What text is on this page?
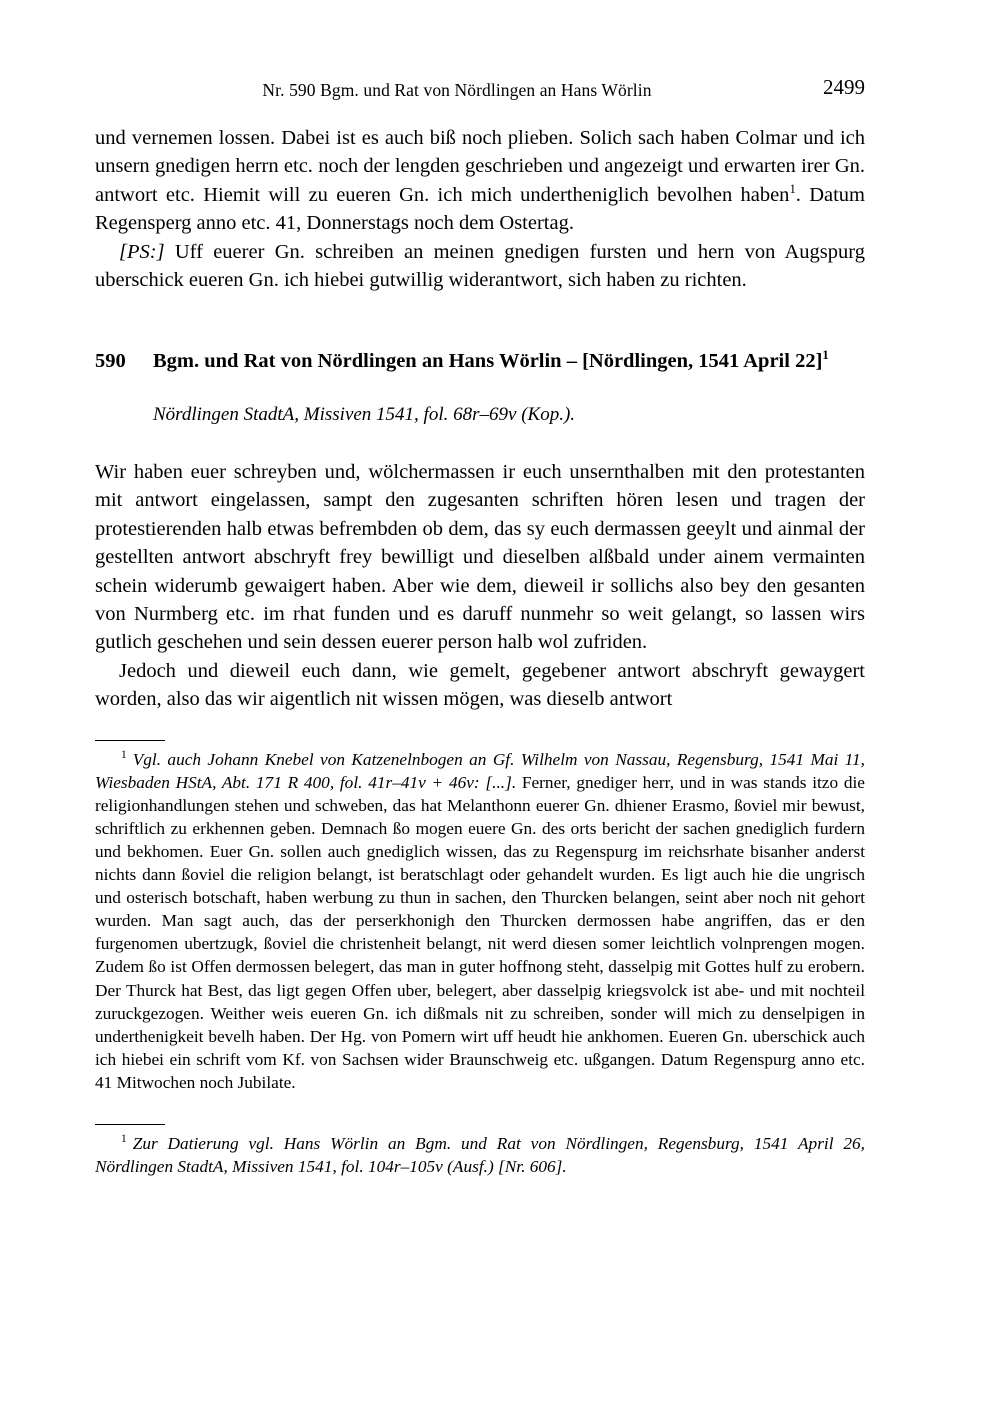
Nr. 590 Bgm. und Rat von Nördlingen an Hans Wörlin	2499

und vernemen lossen. Dabei ist es auch biß noch plieben. Solich sach haben Colmar und ich unsern gnedigen herrn etc. noch der lengden geschrieben und angezeigt und erwarten irer Gn. antwort etc. Hiemit will zu eueren Gn. ich mich undertheniglich bevolhen haben$^1$. Datum Regensperg anno etc. 41, Donnerstags noch dem Ostertag.

[PS:] Uff euerer Gn. schreiben an meinen gnedigen fursten und hern von Augspurg uberschick eueren Gn. ich hiebei gutwillig widerantwort, sich haben zu richten.

590	Bgm. und Rat von Nördlingen an Hans Wörlin – [Nördlingen, 1541 April 22]$^1$
Nördlingen StadtA, Missiven 1541, fol. 68r–69v (Kop.).

Wir haben euer schreyben und, wölchermassen ir euch unsernthalben mit den protestanten mit antwort eingelassen, sampt den zugesanten schriften hören lesen und tragen der protestierenden halb etwas befrembden ob dem, das sy euch dermassen geeylt und ainmal der gestellten antwort abschryft frey bewilligt und dieselben alßbald under ainem vermainten schein widerumb gewaigert haben. Aber wie dem, dieweil ir sollichs also bey den gesanten von Nurmberg etc. im rhat funden und es daruff nunmehr so weit gelangt, so lassen wirs gutlich geschehen und sein dessen euerer person halb wol zufriden.

Jedoch und dieweil euch dann, wie gemelt, gegebener antwort abschryft gewaygert worden, also das wir aigentlich nit wissen mögen, was dieselb antwort

$^1$ Vgl. auch Johann Knebel von Katzenelnbogen an Gf. Wilhelm von Nassau, Regensburg, 1541 Mai 11, Wiesbaden HStA, Abt. 171 R 400, fol. 41r–41v + 46v: [...]. Ferner, gnediger herr, und in was stands itzo die religionhandlungen stehen und schweben, das hat Melanthonn euerer Gn. dhiener Erasmo, ßoviel mir bewust, schriftlich zu erkhennen geben. Demnach ßo mogen euere Gn. des orts bericht der sachen gnediglich furdern und bekhomen. Euer Gn. sollen auch gnediglich wissen, das zu Regenspurg im reichsrhate bisanher anderst nichts dann ßoviel die religion belangt, ist beratschlagt oder gehandelt wurden. Es ligt auch hie die ungrisch und osterisch botschaft, haben werbung zu thun in sachen, den Thurcken belangen, seint aber noch nit gehort wurden. Man sagt auch, das der perserkhonigh den Thurcken dermossen habe angriffen, das er den furgenomen ubertzugk, ßoviel die christenheit belangt, nit werd diesen somer leichtlich volnprengen mogen. Zudem ßo ist Offen dermossen belegert, das man in guter hoffnong steht, dasselpig mit Gottes hulf zu erobern. Der Thurck hat Best, das ligt gegen Offen uber, belegert, aber dasselpig kriegsvolck ist abe- und mit nochteil zuruckgezogen. Weither weis eueren Gn. ich dißmals nit zu schreiben, sonder will mich zu denselpigen in underthenigkeit bevelh haben. Der Hg. von Pomern wirt uff heudt hie ankhomen. Eueren Gn. uberschick auch ich hiebei ein schrift vom Kf. von Sachsen wider Braunschweig etc. ußgangen. Datum Regenspurg anno etc. 41 Mitwochen noch Jubilate.

$^1$ Zur Datierung vgl. Hans Wörlin an Bgm. und Rat von Nördlingen, Regensburg, 1541 April 26, Nördlingen StadtA, Missiven 1541, fol. 104r–105v (Ausf.) [Nr. 606].
